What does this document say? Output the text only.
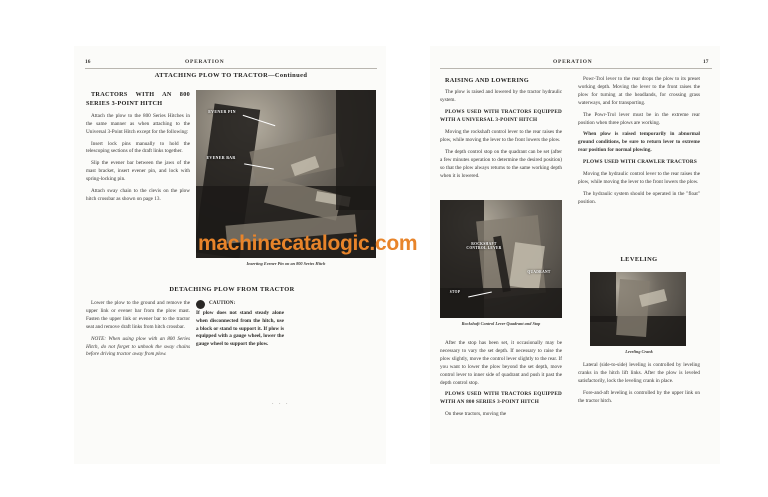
16	OPERATION
ATTACHING PLOW TO TRACTOR—Continued

TRACTORS WITH AN 800 SERIES 3-POINT HITCH

Attach the plow to the 800 Series Hitches in the same manner as when attaching to the Universal 3-Point Hitch except for the following:

Insert lock pins manually to hold the telescoping sections of the draft links together.

Slip the evener bar between the jaws of the mast bracket, insert evener pin, and lock with spring-locking pin.

Attach sway chain to the clevis on the plow hitch crossbar as shown on page 13.

EVENER PIN
EVENER BAR
Inserting Evener Pin on an 800 Series Hitch
DETACHING PLOW FROM TRACTOR

Lower the plow to the ground and remove the upper link or evener bar from the plow mast. Fasten the upper link or evener bar to the tractor seat and remove draft links from hitch crossbar.

NOTE: When using plow with an 800 Series Hitch, do not forget to unhook the sway chains before driving tractor away from plow.

CAUTION:
If plow does not stand steady alone when disconnected from the hitch, use a block or stand to support it. If plow is equipped with a gauge wheel, lower the gauge wheel to support the plow.
. . .
OPERATION	17

RAISING AND LOWERING

The plow is raised and lowered by the tractor hydraulic system.

PLOWS USED WITH TRACTORS EQUIPPED WITH A UNIVERSAL 3-POINT HITCH

Moving the rockshaft control lever to the rear raises the plow, while moving the lever to the front lowers the plow.

The depth control stop on the quadrant can be set (after a few minutes operation to determine the desired position) so that the plow always returns to the same working depth when it is lowered.

ROCKSHAFT CONTROL LEVER
QUADRANT
STOP
Rockshaft Control Lever Quadrant and Stop

After the stop has been set, it occasionally may be necessary to vary the set depth. If necessary to raise the plow slightly, move the control lever slightly to the rear. If you want to lower the plow beyond the set depth, move control lever to inner side of quadrant and push it past the depth control stop.

PLOWS USED WITH TRACTORS EQUIPPED WITH AN 800 SERIES 3-POINT HITCH

On these tractors, moving the

Powr-Trol lever to the rear drops the plow to its preset working depth. Moving the lever to the front raises the plow for turning at the headlands, for crossing grass waterways, and for transporting.

The Powr-Trol lever must be in the extreme rear position when three plows are working.

When plow is raised temporarily in abnormal ground conditions, be sure to return lever to extreme rear position for normal plowing.

PLOWS USED WITH CRAWLER TRACTORS

Moving the hydraulic control lever to the rear raises the plow, while moving the lever to the front lowers the plow.

The hydraulic system should be operated in the "float" position.

LEVELING
Leveling Crank

Lateral (side-to-side) leveling is controlled by leveling cranks in the hitch lift links. After the plow is leveled satisfactorily, lock the leveling crank in place.

Fore-and-aft leveling is controlled by the upper link on the tractor hitch.

machinecatalogic.com
